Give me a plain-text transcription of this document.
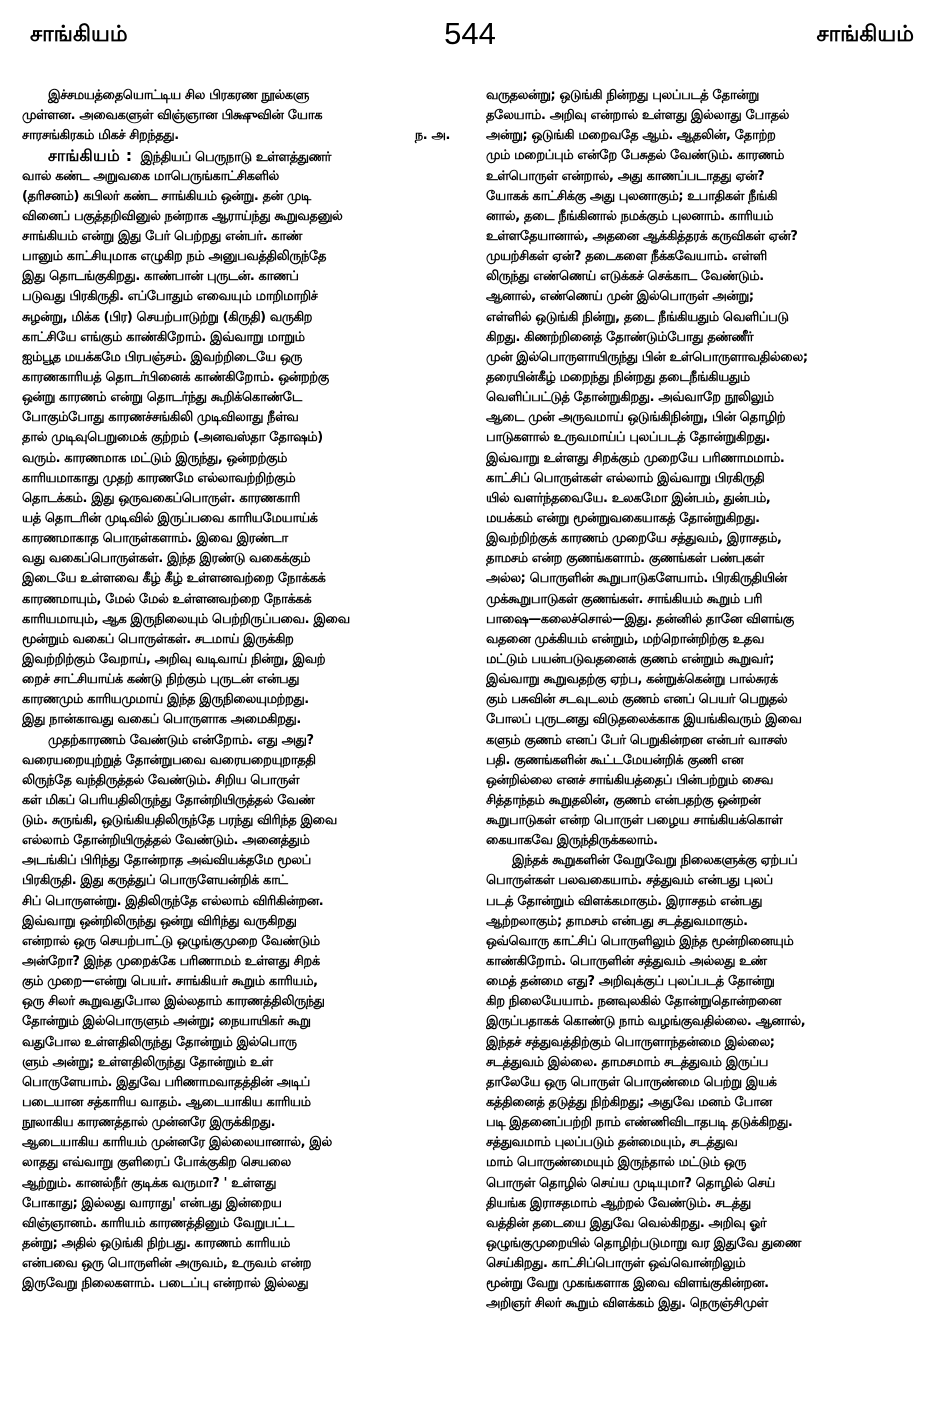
சாங்கியம்	544	சாங்கியம்
இச்சமயத்தையொட்டிய சில பிரகரண நூல்களு
முள்ளன. அவைகளுள் விஞ்ஞான பிக்ஷுவின் யோக
சாரசங்கிரகம் மிகச் சிறந்தது.	ந. அ.
சாங்கியம் : இந்தியப் பெருநாடு உள்ளத்துணர்
வால் கண்ட அறுவகை மாபெருங்காட்சிகளில்
(தரிசனம்) கபிலர் கண்ட சாங்கியம் ஒன்று. தன் முடி
வினைப் பகுத்தறிவினுல் நன்றாக ஆராய்ந்து கூறுவதனுல்
சாங்கியம் என்று இது பேர் பெற்றது என்பர். காண்
பானும் காட்சியுமாக எழுகிற நம் அனுபவத்திலிருந்தே
இது தொடங்குகிறது. காண்பான் புருடன். காணப்
படுவது பிரகிருதி. எப்போதும் எவையும் மாறிமாறிச்
சுழன்று, மிக்க (பிர) செயற்பாடுற்று (கிருதி) வருகிற
காட்சியே எங்கும் காண்கிறோம். இவ்வாறு மாறும்
ஐம்பூத மயக்கமே பிரபஞ்சம். இவற்றிடையே ஒரு
காரணகாரியத் தொடர்பினைக் காண்கிறோம். ஒன்றற்கு
ஒன்று காரணம் என்று தொடர்ந்து கூறிக்கொண்டே
போகும்போது காரணச்சங்கிலி முடிவிலாது நீள்வ
தால் முடிவுபெறுமைக் குற்றம் (அனவஸ்தா தோஷம்)
வரும். காரணமாக மட்டும் இருந்து, ஒன்றற்கும்
காரியமாகாது முதற் காரணமே எல்லாவற்றிற்கும்
தொடக்கம். இது ஒருவகைப்பொருள். காரணகாரி
யத் தொடரின் முடிவில் இருப்பவை காரியமேயாய்க்
காரணமாகாத பொருள்களாம். இவை இரண்டா
வது வகைப்பொருள்கள். இந்த இரண்டு வகைக்கும்
இடையே உள்ளவை கீழ் கீழ் உள்ளனவற்றை நோக்கக்
காரணமாயும், மேல் மேல் உள்ளனவற்றை நோக்கக்
காரியமாயும், ஆக இருநிலையும் பெற்றிருப்பவை. இவை
மூன்றும் வகைப் பொருள்கள். சடமாய் இருக்கிற
இவற்றிற்கும் வேறாய், அறிவு வடிவாய் நின்று, இவற்
றைச் சாட்சியாய்க் கண்டு நிற்கும் புருடன் என்பது
காரணமும் காரியமுமாய் இந்த இருநிலையுமற்றது.
இது நான்காவது வகைப் பொருளாக அமைகிறது.
முதற்காரணம் வேண்டும் என்றோம். எது அது?
வரையறையுற்றுத் தோன்றுபவை வரையறையுறாததி
லிருந்தே வந்திருத்தல் வேண்டும். சிறிய பொருள்
கள் மிகப் பெரியதிலிருந்து தோன்றியிருத்தல் வேண்
டும். சுருங்கி, ஒடுங்கியதிலிருந்தே பரந்து விரிந்த இவை
எல்லாம் தோன்றியிருத்தல் வேண்டும். அனைத்தும்
அடங்கிப் பிரிந்து தோன்றாத அவ்வியக்தமே மூலப்
பிரகிருதி. இது கருத்துப் பொருளேயன்றிக் காட்
சிப் பொருளன்று. இதிலிருந்தே எல்லாம் விரிகின்றன.
இவ்வாறு ஒன்றிலிருந்து ஒன்று விரிந்து வருகிறது
என்றால் ஒரு செயற்பாட்டு ஒழுங்குமுறை வேண்டும்
அன்றோ? இந்த முறைக்கே பரிணாமம் உள்ளது சிறக்
கும் முறை—என்று பெயர். சாங்கியர் கூறும் காரியம்,
ஒரு சிலர் கூறுவதுபோல இல்லதாம் காரணத்திலிருந்து
தோன்றும் இல்பொருளும் அன்று; நையாயிகர் கூறு
வதுபோல உள்ளதிலிருந்து தோன்றும் இல்பொரு
ளும் அன்று; உள்ளதிலிருந்து தோன்றும் உள்
பொருளேயாம். இதுவே பரிணாமவாதத்தின் அடிப்
படையான சத்காரிய வாதம். ஆடையாகிய காரியம்
நூலாகிய காரணத்தால் முன்னரே இருக்கிறது.
ஆடையாகிய காரியம் முன்னரே இல்லையானால், இல்
லாதது எவ்வாறு குளிரைப் போக்குகிற செயலை
ஆற்றும். கானல்நீர் குடிக்க வருமா? ' உள்ளது
போகாது; இல்லது வாராது' என்பது இன்றைய
விஞ்ஞானம். காரியம் காரணத்தினும் வேறுபட்ட
தன்று; அதில் ஒடுங்கி நிற்பது. காரணம் காரியம்
என்பவை ஒரு பொருளின் அருவம், உருவம் என்ற
இருவேறு நிலைகளாம். படைப்பு என்றால் இல்லது
வருதலன்று; ஒடுங்கி நின்றது புலப்படத் தோன்று
தலேயாம். அறிவு என்றால் உள்ளது இல்லாது போதல்
அன்று; ஒடுங்கி மறைவதே ஆம். ஆதலின், தோற்ற
மும் மறைப்பும் என்றே பேசுதல் வேண்டும். காரணம்
உள்பொருள் என்றால், அது காணப்படாதது ஏன்?
யோகக் காட்சிக்கு அது புலனாகும்; உபாதிகள் நீங்கி
னால், தடை நீங்கினால் நமக்கும் புலனாம். காரியம்
உள்ளதேயானால், அதனை ஆக்கித்தரக் கருவிகள் ஏன்?
முயற்சிகள் ஏன்? தடைகளை நீக்கவேயாம். எள்ளி
லிருந்து எண்ணெய் எடுக்கச் செக்காட வேண்டும்.
ஆனால், எண்ணெய் முன் இல்பொருள் அன்று;
எள்ளில் ஒடுங்கி நின்று, தடை நீங்கியதும் வெளிப்படு
கிறது. கிணற்றினைத் தோண்டும்போது தண்ணீர்
முன் இல்பொருளாயிருந்து பின் உள்பொருளாவதில்லை;
தரையின்கீழ் மறைந்து நின்றது தடைநீங்கியதும்
வெளிப்பட்டுத் தோன்றுகிறது. அவ்வாறே நூலிலும்
ஆடை முன் அருவமாய் ஒடுங்கிநின்று, பின் தொழிற்
பாடுகளால் உருவமாய்ப் புலப்படத் தோன்றுகிறது.
இவ்வாறு உள்ளது சிறக்கும் முறையே பரிணாமமாம்.
காட்சிப் பொருள்கள் எல்லாம் இவ்வாறு பிரகிருதி
யில் வளர்ந்தவையே. உலகமோ இன்பம், துன்பம்,
மயக்கம் என்று மூன்றுவகையாகத் தோன்றுகிறது.
இவற்றிற்குக் காரணம் முறையே சத்துவம், இராசதம்,
தாமசம் என்ற குணங்களாம். குணங்கள் பண்புகள்
அல்ல; பொருளின் கூறுபாடுகளேயாம். பிரகிருதியின்
முக்கூறுபாடுகள் குணங்கள். சாங்கியம் கூறும் பரி
பாஷை—கலைச்சொல்—இது. தன்னில் தானே விளங்கு
வதனை முக்கியம் என்றும், மற்றொன்றிற்கு உதவ
மட்டும் பயன்படுவதனைக் குணம் என்றும் கூறுவர்;
இவ்வாறு கூறுவதற்கு ஏற்ப, கன்றுக்கென்று பால்சுரக்
கும் பசுவின் சடவுடலம் குணம் எனப் பெயர் பெறுதல்
போலப் புருடனது விடுதலைக்காக இயங்கிவரும் இவை
களும் குணம் எனப் பேர் பெறுகின்றன என்பர் வாசஸ்
பதி. குணங்களின் கூட்டமேயன்றிக் குணி என
ஒன்றில்லை எனச் சாங்கியத்தைப் பின்பற்றும் சைவ
சித்தாந்தம் கூறுதலின், குணம் என்பதற்கு ஒன்றன்
கூறுபாடுகள் என்ற பொருள் பழைய சாங்கியக்கொள்
கையாகவே இருந்திருக்கலாம்.
இந்தக் கூறுகளின் வேறுவேறு நிலைகளுக்கு ஏற்பப்
பொருள்கள் பலவகையாம். சத்துவம் என்பது புலப்
படத் தோன்றும் விளக்கமாகும். இராசதம் என்பது
ஆற்றலாகும்; தாமசம் என்பது சடத்துவமாகும்.
ஒவ்வொரு காட்சிப் பொருளிலும் இந்த மூன்றினையும்
காண்கிறோம். பொருளின் சத்துவம் அல்லது உண்
மைத் தன்மை எது? அறிவுக்குப் புலப்படத் தோன்று
கிற நிலையேயாம். நனவுலகில் தோன்றுதொன்றனை
இருப்பதாகக் கொண்டு நாம் வழங்குவதில்லை. ஆனால்,
இந்தச் சத்துவத்திற்கும் பொருளாந்தன்மை இல்லை;
சடத்துவம் இல்லை. தாமசமாம் சடத்துவம் இருப்ப
தாலேயே ஒரு பொருள் பொருண்மை பெற்று இயக்
கத்தினைத் தடுத்து நிற்கிறது; அதுவே மனம் போன
படி இதனைப்பற்றி நாம் எண்ணிவிடாதபடி தடுக்கிறது.
சத்துவமாம் புலப்படும் தன்மையும், சடத்துவ
மாம் பொருண்மையும் இருந்தால் மட்டும் ஒரு
பொருள் தொழில் செய்ய முடியுமா? தொழில் செய்
தியங்க இராசதமாம் ஆற்றல் வேண்டும். சடத்து
வத்தின் தடையை இதுவே வெல்கிறது. அறிவு ஓர்
ஒழுங்குமுறையில் தொழிற்படுமாறு வர இதுவே துணை
செய்கிறது. காட்சிப்பொருள் ஒவ்வொன்றிலும்
மூன்று வேறு முகங்களாக இவை விளங்குகின்றன.
அறிஞர் சிலர் கூறும் விளக்கம் இது. நெருஞ்சிமுள்
